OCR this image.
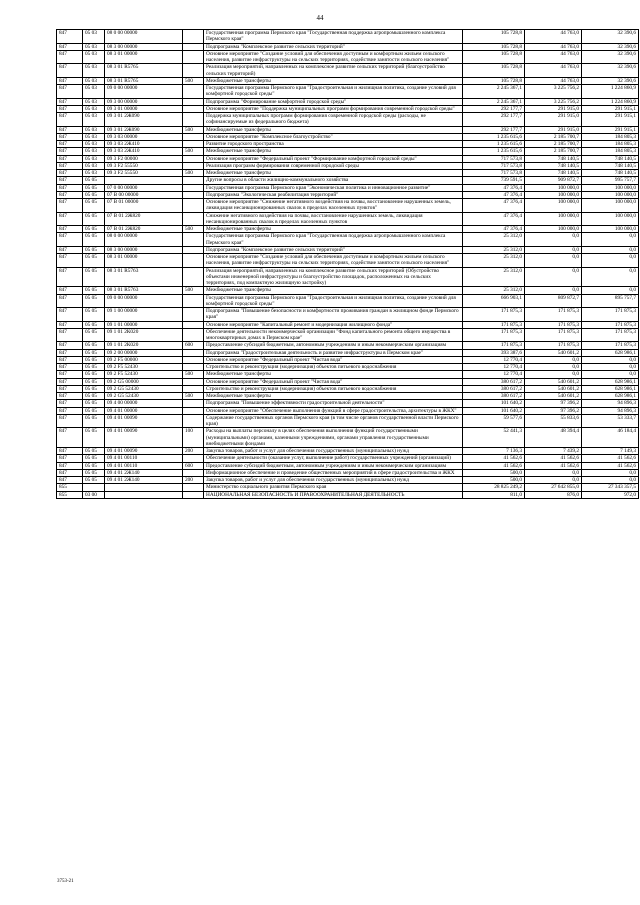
44
847	05 03	08 0 00 00000		Государственная программа Пермского края "Государственная поддержка агропромышленного комплекса Пермского края"	105 728,8	44 763,0	32 390,6
847	05 03	08 3 00 00000		Подпрограмма "Комплексное развитие сельских территорий"	105 728,8	44 763,0	32 390,6
847	05 03	08 3 01 00000		Основное мероприятие "Создание условий для обеспечения доступным и комфортным жильем сельского населения, развитие инфраструктуры на сельских территориях, содействие занятости сельского населения"	105 728,8	44 763,0	32 390,6
847	05 03	08 3 01 R5765		Реализация мероприятий, направленных на комплексное развитие сельских территорий (благоустройство сельских территорий)	105 728,8	44 763,0	32 390,6
847	05 03	08 3 01 R5765	500	Межбюджетные трансферты	105 728,8	44 763,0	32 390,6
847	05 03	09 0 00 00000		Государственная программа Пермского края "Градостроительная и жилищная политика, создание условий для комфортной городской среды"	2 245 367,1	3 225 756,2	1 224 860,9
847	05 03	09 3 00 00000		Подпрограмма "Формирование комфортной городской среды"	2 245 367,1	3 225 756,2	1 224 860,9
847	05 03	09 3 01 00000		Основное мероприятие "Поддержка муниципальных программ формирования современной городской среды"	292 177,7	291 915,0	291 915,1
847	05 03	09 3 01 2Ж090		Поддержка муниципальных программ формирования современной городской среды (расходы, не софинансируемые из федерального бюджета)	292 177,7	291 915,0	291 915,1
847	05 03	09 3 01 2Ж090	500	Межбюджетные трансферты	292 177,7	291 915,0	291 915,1
847	05 03	09 3 03 00000		Основное мероприятие "Комплексное благоустройство"	1 235 615,6	2 185 700,7	184 805,3
847	05 03	09 3 03 2Ж410		Развитие городского пространства	1 235 615,6	2 185 700,7	184 805,3
847	05 03	09 3 03 2Ж410	500	Межбюджетные трансферты	1 235 615,6	2 185 700,7	184 805,3
847	05 03	09 3 F2 00000		Основное мероприятие "Федеральный проект "Формирование комфортной городской среды"	717 573,8	748 140,5	748 140,5
847	05 03	09 3 F2 55550		Реализация программ формирования современной городской среды	717 573,8	748 140,5	748 140,5
847	05 03	09 3 F2 55550	500	Межбюджетные трансферты	717 573,8	748 140,5	748 140,5
847	05 05			Другие вопросы в области жилищно-коммунального хозяйства	739 591,5	909 872,7	995 757,7
847	05 05	07 0 00 00000		Государственная программа Пермского края "Экономическая политика и инновационное развитие"	47 376,4	100 000,0	100 000,0
847	05 05	07 В 00 00000		Подпрограмма "Экологическая реабилитация территорий"	47 376,4	100 000,0	100 000,0
847	05 05	07 В 01 00000		Основное мероприятие "Снижение негативного воздействия на почвы, восстановление нарушенных земель, ликвидация несанкционированных свалок в пределах населенных пунктов"	47 376,4	100 000,0	100 000,0
847	05 05	07 В 01 2Ж820		Снижение негативного воздействия на почвы, восстановление нарушенных земель, ликвидация несанкционированных свалок в пределах населенных пунктов	47 376,4	100 000,0	100 000,0
847	05 05	07 В 01 2Ж820	500	Межбюджетные трансферты	47 376,4	100 000,0	100 000,0
847	05 05	08 0 00 00000		Государственная программа Пермского края "Государственная поддержка агропромышленного комплекса Пермского края"	25 312,0	0,0	0,0
847	05 05	08 3 00 00000		Подпрограмма "Комплексное развитие сельских территорий"	25 312,0	0,0	0,0
847	05 05	08 3 01 00000		Основное мероприятие "Создание условий для обеспечения доступным и комфортным жильем сельского населения, развитие инфраструктуры на сельских территориях, содействие занятости сельского населения"	25 312,0	0,0	0,0
847	05 05	08 3 01 R5763		Реализация мероприятий, направленных на комплексное развитие сельских территорий (Обустройство объектами инженерной инфраструктуры и благоустройство площадок, расположенных на сельских территориях, под компактную жилищную застройку)	25 312,0	0,0	0,0
847	05 05	08 3 01 R5763	500	Межбюджетные трансферты	25 312,0	0,0	0,0
847	05 05	09 0 00 00000		Государственная программа Пермского края "Градостроительная и жилищная политика, создание условий для комфортной городской среды"	666 903,1	809 872,7	895 757,7
847	05 05	09 1 00 00000		Подпрограмма "Повышение безопасности и комфортности проживания граждан в жилищном фонде Пермского края"	171 875,3	171 875,3	171 875,3
847	05 05	09 1 01 00000		Основное мероприятие "Капитальный ремонт и модернизация жилищного фонда"	171 875,3	171 875,3	171 875,3
847	05 05	09 1 01 2К020		Обеспечение деятельности некоммерческой организации "Фонд капитального ремонта общего имущества в многоквартирных домах в Пермском крае"	171 875,3	171 875,3	171 875,3
847	05 05	09 1 01 2К020	600	Предоставление субсидий бюджетным, автономным учреждениям и иным некоммерческим организациям	171 875,3	171 875,3	171 875,3
847	05 05	09 2 00 00000		Подпрограмма "Градостроительная деятельность и развитие инфраструктуры в Пермском крае"	393 387,6	540 601,2	628 986,1
847	05 05	09 2 F5 00000		Основное мероприятие "Федеральный проект "Чистая вода"	12 770,4	0,0	0,0
847	05 05	09 2 F5 52430		Строительство и реконструкция (модернизация) объектов питьевого водоснабжения	12 770,4	0,0	0,0
847	05 05	09 2 F5 52430	500	Межбюджетные трансферты	12 770,4	0,0	0,0
847	05 05	09 2 G5 00000		Основное мероприятие "Федеральный проект "Чистая вода"	380 617,2	540 601,2	628 986,1
847	05 05	09 2 G5 52430		Строительство и реконструкция (модернизация) объектов питьевого водоснабжения	380 617,2	540 601,2	628 986,1
847	05 05	09 2 G5 52430	500	Межбюджетные трансферты	380 617,2	540 601,2	628 986,1
847	05 05	09 4 00 00000		Подпрограмма "Повышение эффективности градостроительной деятельности"	101 640,2	97 396,2	94 896,3
847	05 05	09 4 01 00000		Основное мероприятие "Обеспечение выполнения функций в сфере градостроительства, архитектуры в ЖКХ"	101 640,2	97 396,2	94 896,3
847	05 05	09 4 01 00090		Содержание государственных органов Пермского края (в том числе органов государственной власти Пермского края)	59 577,6	55 833,6	53 333,7
847	05 05	09 4 01 00090	100	Расходы на выплаты персоналу в целях обеспечения выполнения функций государственными (муниципальными) органами, казенными учреждениями, органами управления государственными внебюджетными фондами	52 441,3	48 394,4	46 184,4
847	05 05	09 4 01 00090	200	Закупка товаров, работ и услуг для обеспечения государственных (муниципальных) нужд	7 136,3	7 439,2	7 149,3
847	05 05	09 4 01 00110		Обеспечение деятельности (оказание услуг, выполнение работ) государственных учреждений (организаций)	41 562,6	41 562,6	41 562,6
847	05 05	09 4 01 00110	600	Предоставление субсидий бюджетным, автономным учреждениям и иным некоммерческим организациям	41 562,6	41 562,6	41 562,6
847	05 05	09 4 01 2Ж140		Информационное обеспечение и проведение общественных мероприятий в сфере градостроительства и ЖКХ	500,0	0,0	0,0
847	05 05	09 4 01 2Ж140	200	Закупка товаров, работ и услуг для обеспечения государственных (муниципальных) нужд	500,0	0,0	0,0
855				Министерство социального развития Пермского края	28 825 249,2	27 642 855,0	27 343 357,5
855	03 00			НАЦИОНАЛЬНАЯ БЕЗОПАСНОСТЬ И ПРАВООХРАНИТЕЛЬНАЯ ДЕЯТЕЛЬНОСТЬ	811,0	876,0	972,0
3753-21
